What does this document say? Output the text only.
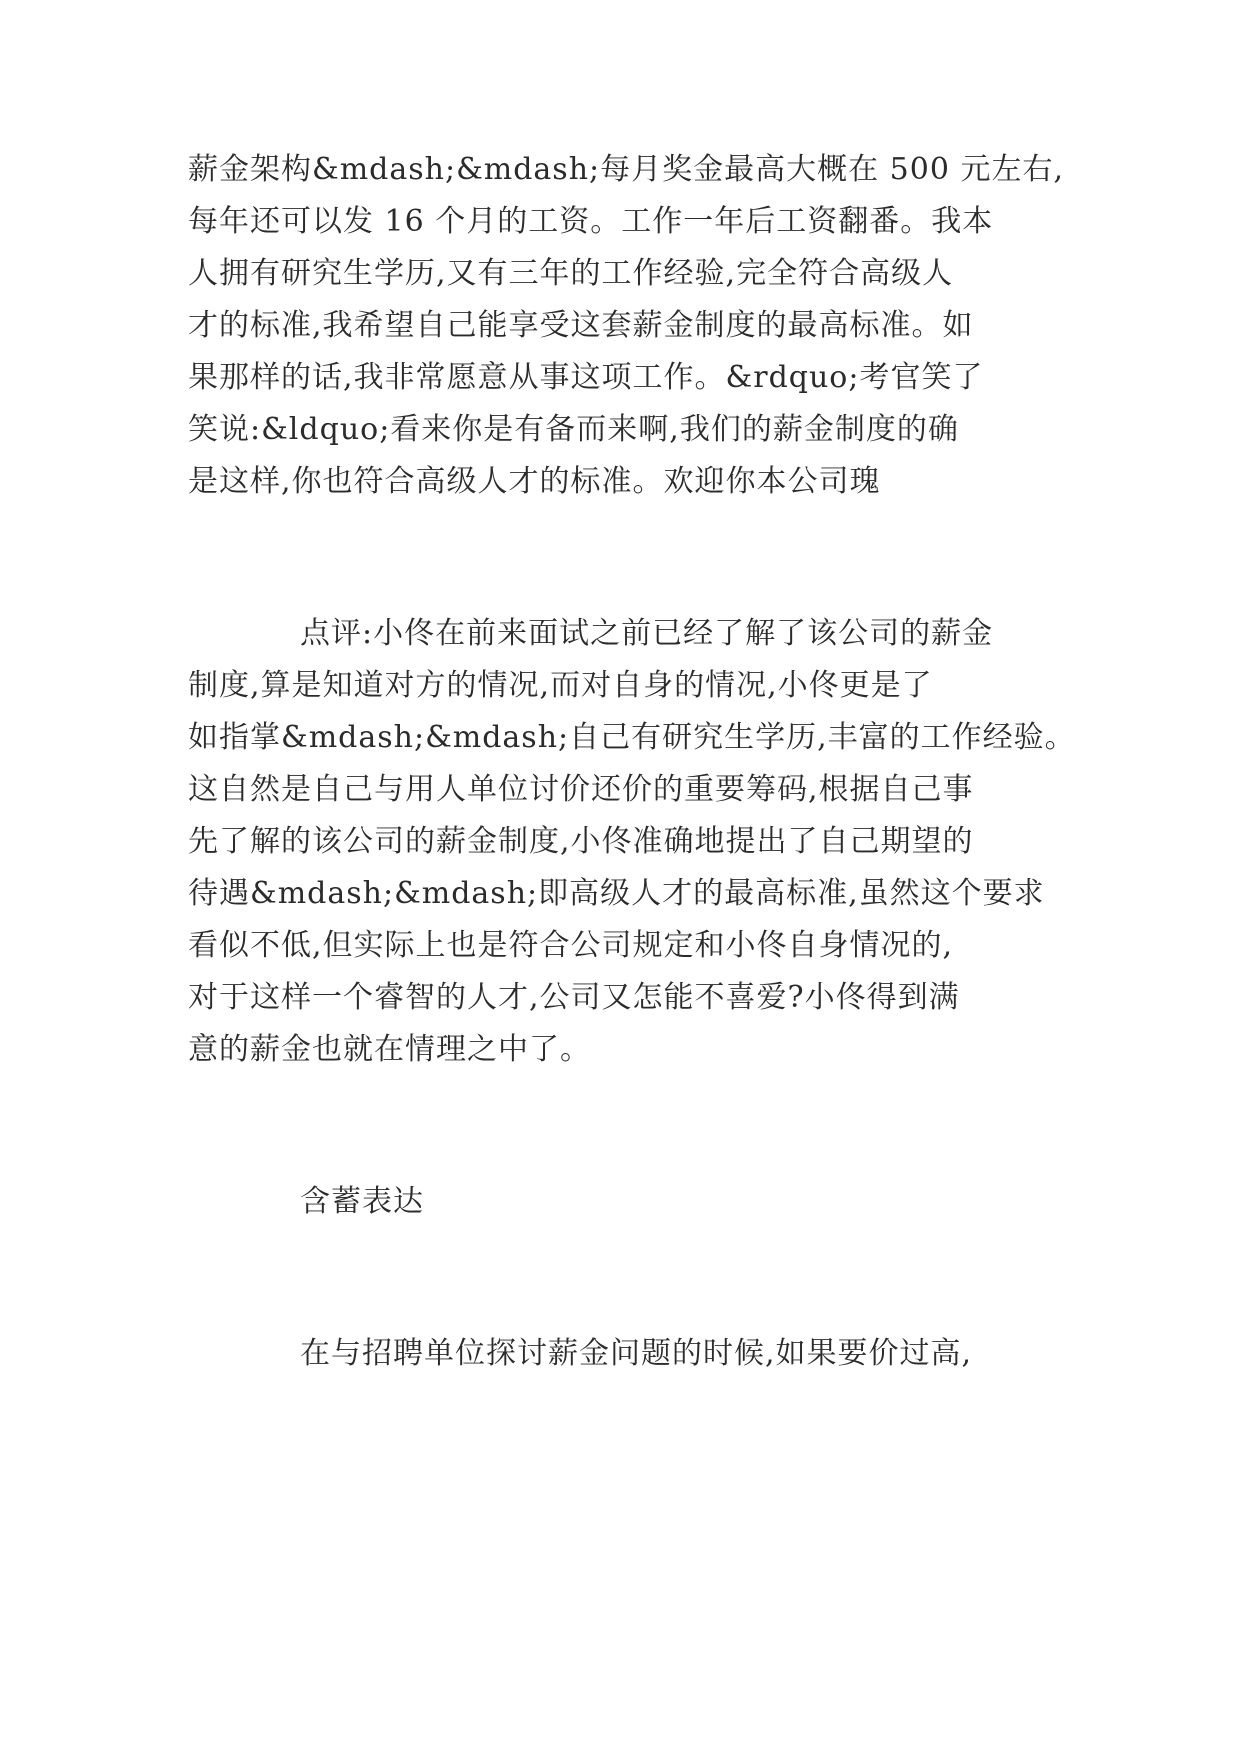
薪金架构&mdash;&mdash;每月奖金最高大概在 500 元左右,
每年还可以发 16 个月的工资。工作一年后工资翻番。我本
人拥有研究生学历,又有三年的工作经验,完全符合高级人
才的标准,我希望自己能享受这套薪金制度的最高标准。如
果那样的话,我非常愿意从事这项工作。&rdquo;考官笑了
笑说:&ldquo;看来你是有备而来啊,我们的薪金制度的确
是这样,你也符合高级人才的标准。欢迎你本公司瑰
点评:小佟在前来面试之前已经了解了该公司的薪金
制度,算是知道对方的情况,而对自身的情况,小佟更是了
如指掌&mdash;&mdash;自己有研究生学历,丰富的工作经验。
这自然是自己与用人单位讨价还价的重要筹码,根据自己事
先了解的该公司的薪金制度,小佟准确地提出了自己期望的
待遇&mdash;&mdash;即高级人才的最高标准,虽然这个要求
看似不低,但实际上也是符合公司规定和小佟自身情况的,
对于这样一个睿智的人才,公司又怎能不喜爱?小佟得到满
意的薪金也就在情理之中了。
含蓄表达
在与招聘单位探讨薪金问题的时候,如果要价过高,
